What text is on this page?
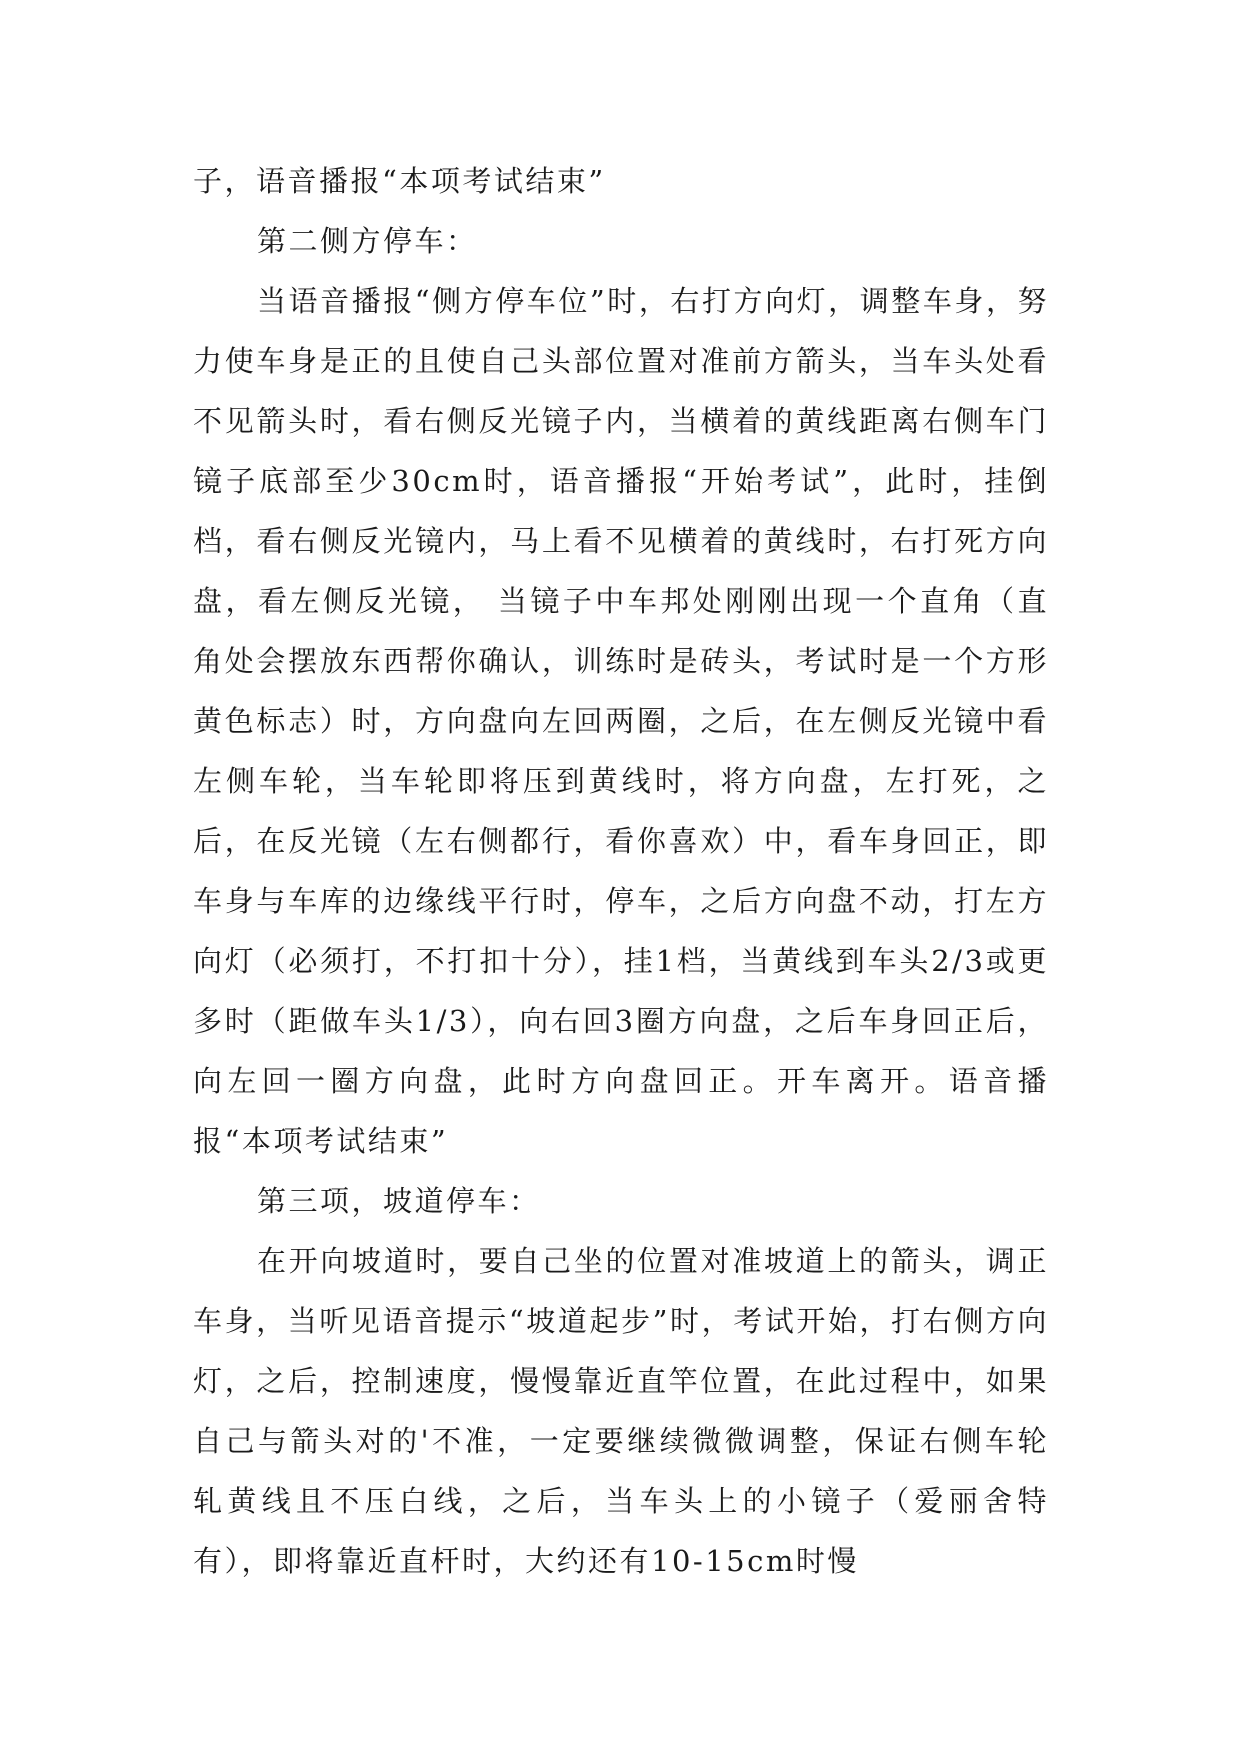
子，语音播报“本项考试结束”

第二侧方停车：

当语音播报“侧方停车位”时，右打方向灯，调整车身，努力使车身是正的且使自己头部位置对准前方箭头，当车头处看不见箭头时，看右侧反光镜子内，当横着的黄线距离右侧车门镜子底部至少30cm时，语音播报“开始考试”，此时，挂倒档，看右侧反光镜内，马上看不见横着的黄线时，右打死方向盘，看左侧反光镜， 当镜子中车邦处刚刚出现一个直角（直角处会摆放东西帮你确认，训练时是砖头，考试时是一个方形黄色标志）时，方向盘向左回两圈，之后，在左侧反光镜中看左侧车轮，当车轮即将压到黄线时，将方向盘，左打死，之后，在反光镜（左右侧都行，看你喜欢）中，看车身回正，即车身与车库的边缘线平行时，停车，之后方向盘不动，打左方向灯（必须打，不打扣十分），挂1档，当黄线到车头2/3或更多时（距做车头1/3），向右回3圈方向盘，之后车身回正后，向左回一圈方向盘，此时方向盘回正。开车离开。语音播报“本项考试结束”

第三项，坡道停车：

在开向坡道时，要自己坐的位置对准坡道上的箭头，调正车身，当听见语音提示“坡道起步”时，考试开始，打右侧方向灯，之后，控制速度，慢慢靠近直竿位置，在此过程中，如果自己与箭头对的'不准，一定要继续微微调整，保证右侧车轮轧黄线且不压白线，之后，当车头上的小镜子（爱丽舍特有），即将靠近直杆时，大约还有10-15cm时慢
